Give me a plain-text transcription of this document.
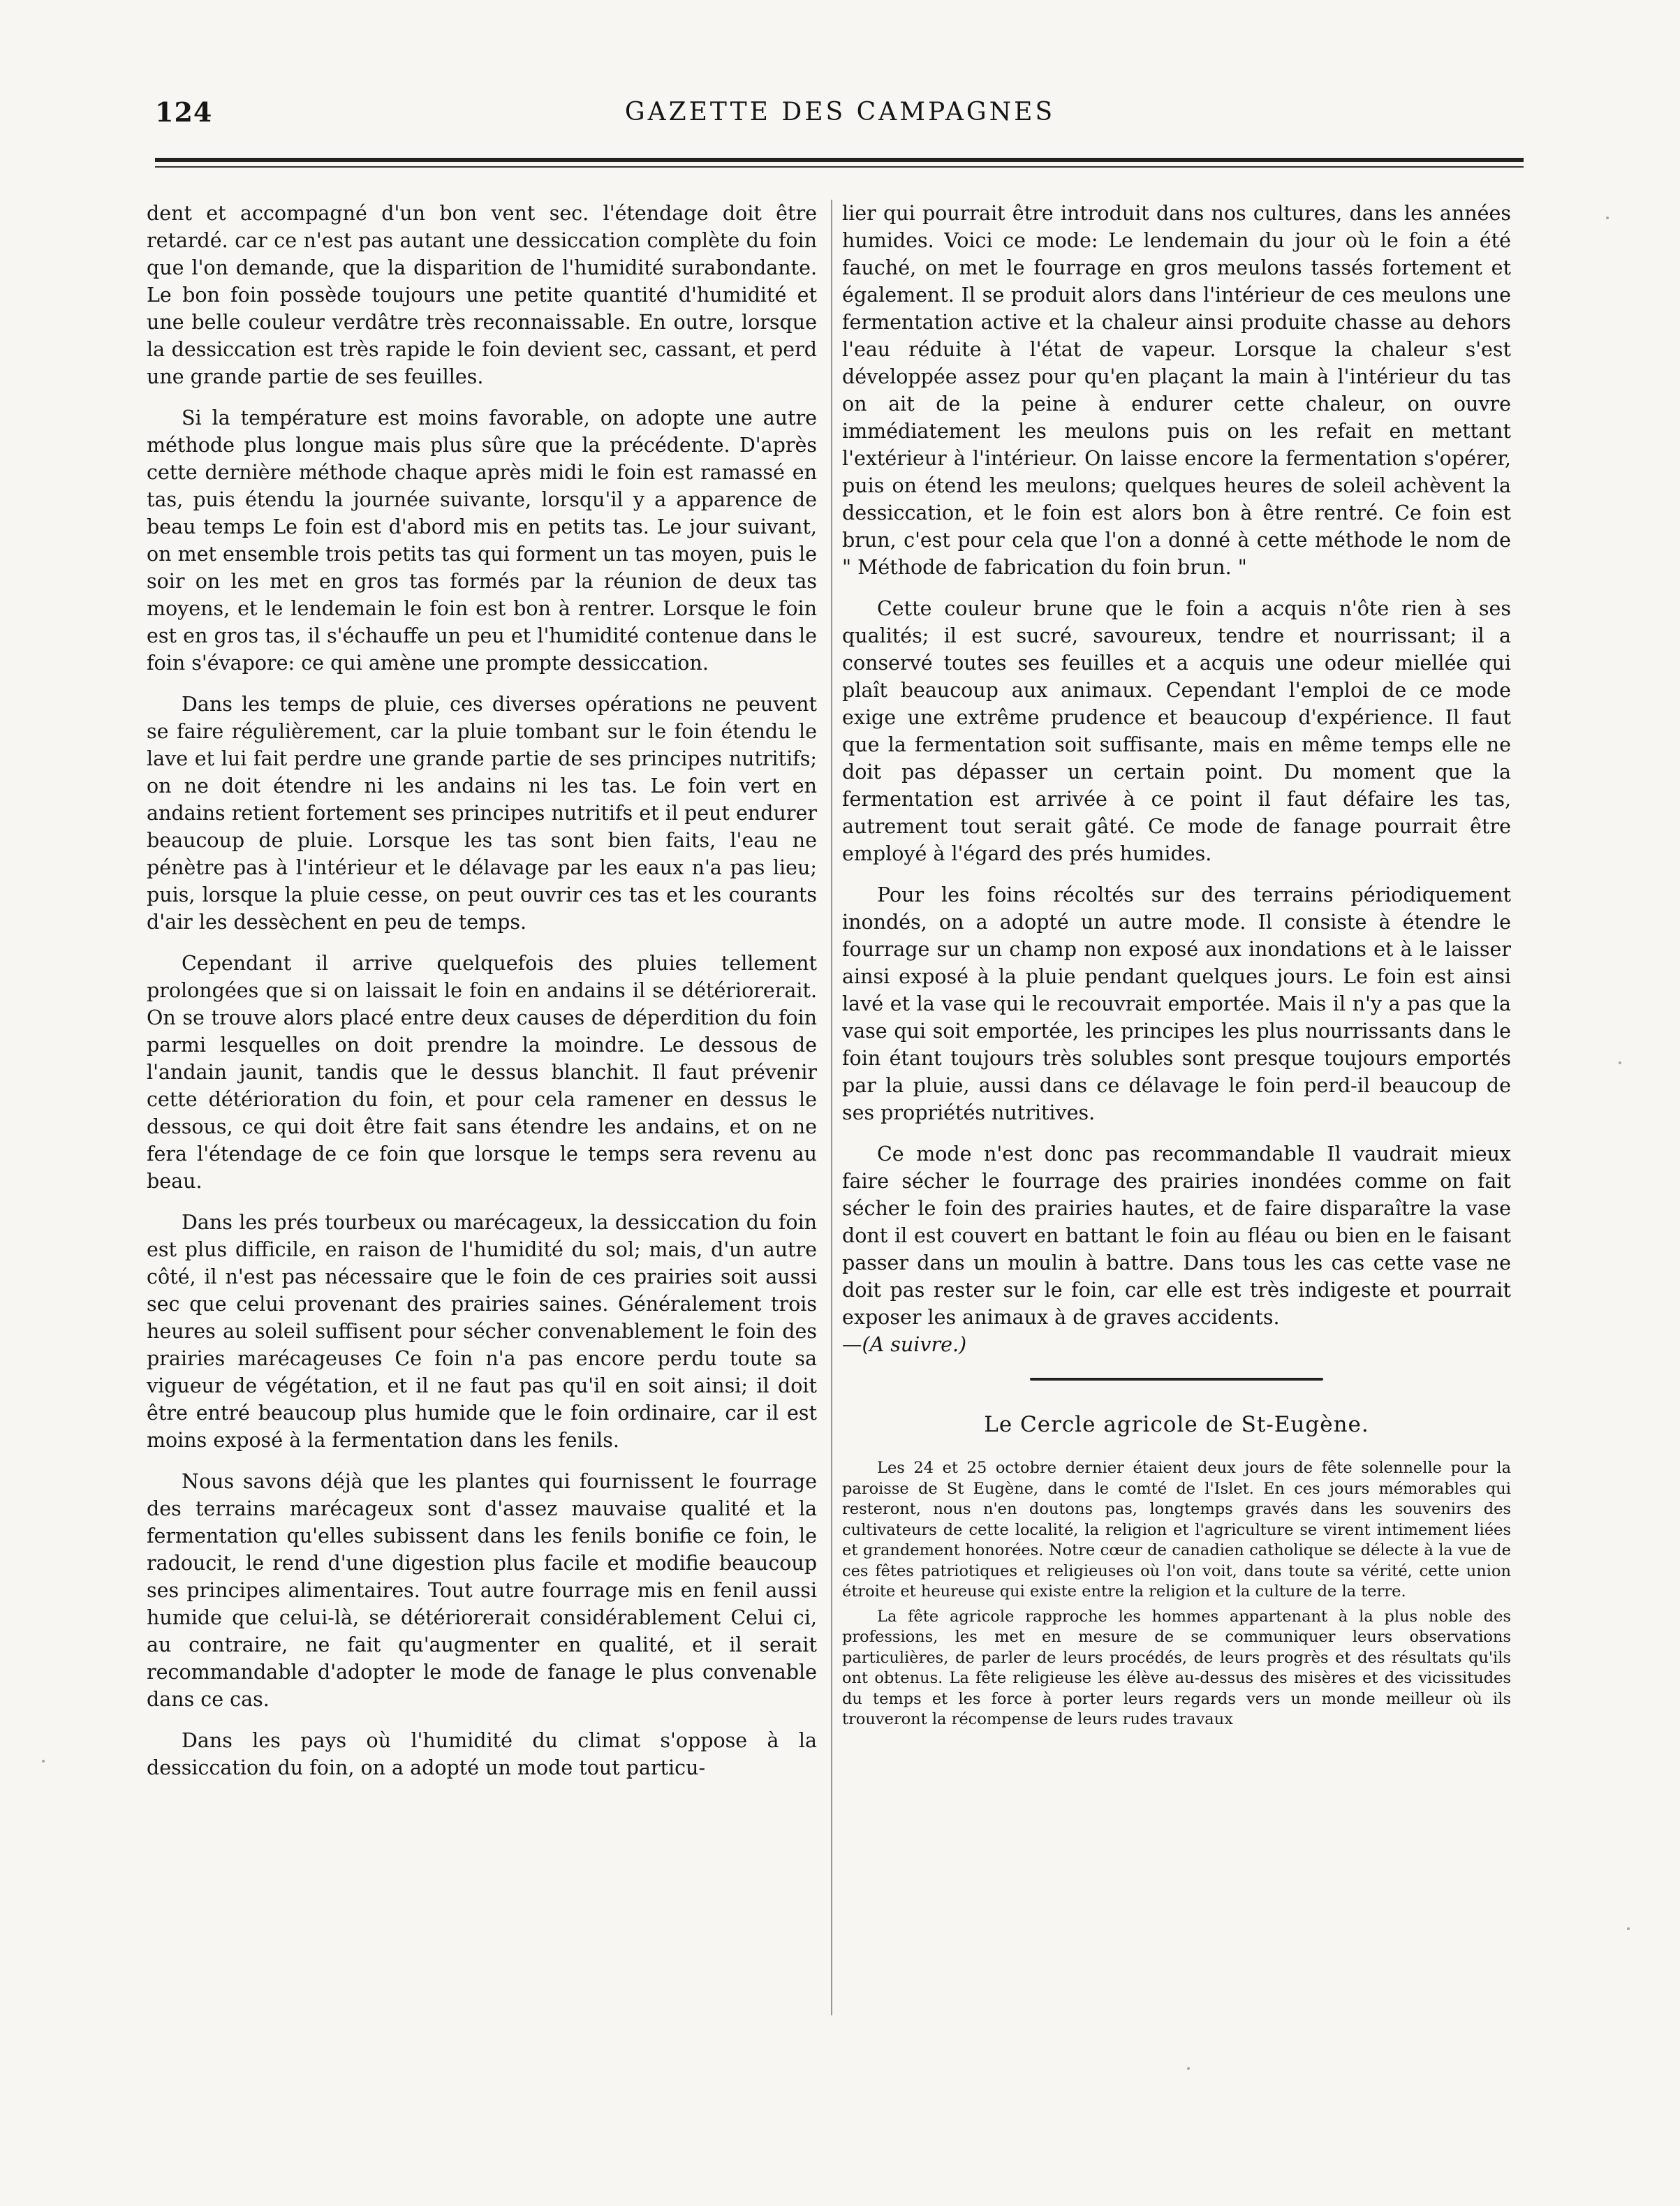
124	GAZETTE DES CAMPAGNES

dent et accompagné d'un bon vent sec. l'étendage doit être retardé. car ce n'est pas autant une dessiccation complète du foin que l'on demande, que la disparition de l'humidité surabondante. Le bon foin possède toujours une petite quantité d'humidité et une belle couleur verdâtre très reconnaissable. En outre, lorsque la dessiccation est très rapide le foin devient sec, cassant, et perd une grande partie de ses feuilles.

Si la température est moins favorable, on adopte une autre méthode plus longue mais plus sûre que la précédente. D'après cette dernière méthode chaque après midi le foin est ramassé en tas, puis étendu la journée suivante, lorsqu'il y a apparence de beau temps Le foin est d'abord mis en petits tas. Le jour suivant, on met ensemble trois petits tas qui forment un tas moyen, puis le soir on les met en gros tas formés par la réunion de deux tas moyens, et le lendemain le foin est bon à rentrer. Lorsque le foin est en gros tas, il s'échauffe un peu et l'humidité contenue dans le foin s'évapore: ce qui amène une prompte dessiccation.

Dans les temps de pluie, ces diverses opérations ne peuvent se faire régulièrement, car la pluie tombant sur le foin étendu le lave et lui fait perdre une grande partie de ses principes nutritifs; on ne doit étendre ni les andains ni les tas. Le foin vert en andains retient fortement ses principes nutritifs et il peut endurer beaucoup de pluie. Lorsque les tas sont bien faits, l'eau ne pénètre pas à l'intérieur et le délavage par les eaux n'a pas lieu; puis, lorsque la pluie cesse, on peut ouvrir ces tas et les courants d'air les dessèchent en peu de temps.

Cependant il arrive quelquefois des pluies tellement prolongées que si on laissait le foin en andains il se détériorerait. On se trouve alors placé entre deux causes de déperdition du foin parmi lesquelles on doit prendre la moindre. Le dessous de l'andain jaunit, tandis que le dessus blanchit. Il faut prévenir cette détérioration du foin, et pour cela ramener en dessus le dessous, ce qui doit être fait sans étendre les andains, et on ne fera l'étendage de ce foin que lorsque le temps sera revenu au beau.

Dans les prés tourbeux ou marécageux, la dessiccation du foin est plus difficile, en raison de l'humidité du sol; mais, d'un autre côté, il n'est pas nécessaire que le foin de ces prairies soit aussi sec que celui provenant des prairies saines. Généralement trois heures au soleil suffisent pour sécher convenablement le foin des prairies marécageuses Ce foin n'a pas encore perdu toute sa vigueur de végétation, et il ne faut pas qu'il en soit ainsi; il doit être entré beaucoup plus humide que le foin ordinaire, car il est moins exposé à la fermentation dans les fenils.

Nous savons déjà que les plantes qui fournissent le fourrage des terrains marécageux sont d'assez mauvaise qualité et la fermentation qu'elles subissent dans les fenils bonifie ce foin, le radoucit, le rend d'une digestion plus facile et modifie beaucoup ses principes alimentaires. Tout autre fourrage mis en fenil aussi humide que celui-là, se détériorerait considérablement Celui ci, au contraire, ne fait qu'augmenter en qualité, et il serait recommandable d'adopter le mode de fanage le plus convenable dans ce cas.

Dans les pays où l'humidité du climat s'oppose à la dessiccation du foin, on a adopté un mode tout particu-

lier qui pourrait être introduit dans nos cultures, dans les années humides. Voici ce mode: Le lendemain du jour où le foin a été fauché, on met le fourrage en gros meulons tassés fortement et également. Il se produit alors dans l'intérieur de ces meulons une fermentation active et la chaleur ainsi produite chasse au dehors l'eau réduite à l'état de vapeur. Lorsque la chaleur s'est développée assez pour qu'en plaçant la main à l'intérieur du tas on ait de la peine à endurer cette chaleur, on ouvre immédiatement les meulons puis on les refait en mettant l'extérieur à l'intérieur. On laisse encore la fermentation s'opérer, puis on étend les meulons; quelques heures de soleil achèvent la dessiccation, et le foin est alors bon à être rentré. Ce foin est brun, c'est pour cela que l'on a donné à cette méthode le nom de " Méthode de fabrication du foin brun. "

Cette couleur brune que le foin a acquis n'ôte rien à ses qualités; il est sucré, savoureux, tendre et nourrissant; il a conservé toutes ses feuilles et a acquis une odeur miellée qui plaît beaucoup aux animaux. Cependant l'emploi de ce mode exige une extrême prudence et beaucoup d'expérience. Il faut que la fermentation soit suffisante, mais en même temps elle ne doit pas dépasser un certain point. Du moment que la fermentation est arrivée à ce point il faut défaire les tas, autrement tout serait gâté. Ce mode de fanage pourrait être employé à l'égard des prés humides.

Pour les foins récoltés sur des terrains périodiquement inondés, on a adopté un autre mode. Il consiste à étendre le fourrage sur un champ non exposé aux inondations et à le laisser ainsi exposé à la pluie pendant quelques jours. Le foin est ainsi lavé et la vase qui le recouvrait emportée. Mais il n'y a pas que la vase qui soit emportée, les principes les plus nourrissants dans le foin étant toujours très solubles sont presque toujours emportés par la pluie, aussi dans ce délavage le foin perd-il beaucoup de ses propriétés nutritives.

Ce mode n'est donc pas recommandable Il vaudrait mieux faire sécher le fourrage des prairies inondées comme on fait sécher le foin des prairies hautes, et de faire disparaître la vase dont il est couvert en battant le foin au fléau ou bien en le faisant passer dans un moulin à battre. Dans tous les cas cette vase ne doit pas rester sur le foin, car elle est très indigeste et pourrait exposer les animaux à de graves accidents.

—(A suivre.)

Le Cercle agricole de St-Eugène.

Les 24 et 25 octobre dernier étaient deux jours de fête solennelle pour la paroisse de St Eugène, dans le comté de l'Islet. En ces jours mémorables qui resteront, nous n'en doutons pas, longtemps gravés dans les souvenirs des cultivateurs de cette localité, la religion et l'agriculture se virent intimement liées et grandement honorées. Notre cœur de canadien catholique se délecte à la vue de ces fêtes patriotiques et religieuses où l'on voit, dans toute sa vérité, cette union étroite et heureuse qui existe entre la religion et la culture de la terre.

La fête agricole rapproche les hommes appartenant à la plus noble des professions, les met en mesure de se communiquer leurs observations particulières, de parler de leurs procédés, de leurs progrès et des résultats qu'ils ont obtenus. La fête religieuse les élève au-dessus des misères et des vicissitudes du temps et les force à porter leurs regards vers un monde meilleur où ils trouveront la récompense de leurs rudes travaux
